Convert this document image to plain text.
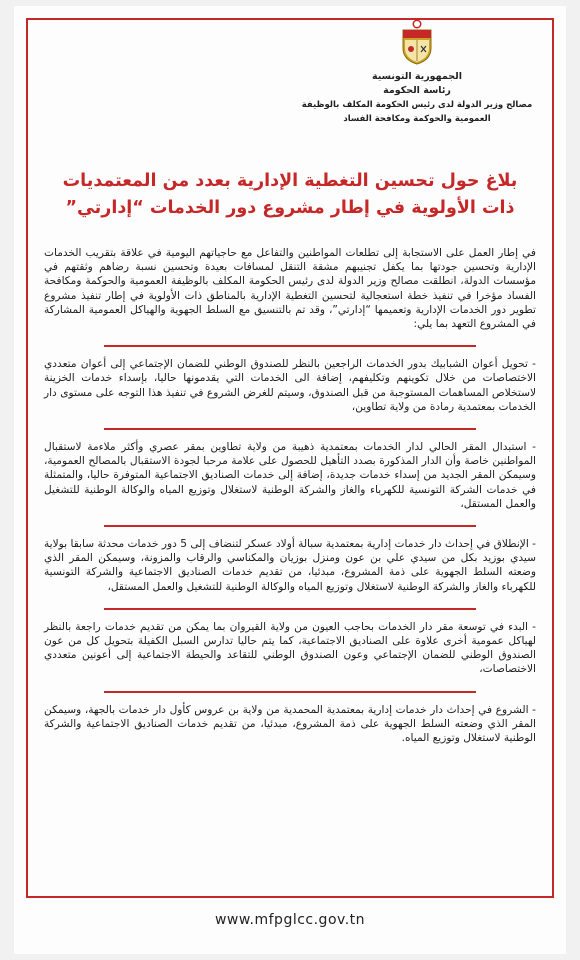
الجمهورية التونسية
رئاسة الحكومة
مصالح وزير الدولة لدى رئيس الحكومة المكلف بالوظيفة
العمومية والحوكمة ومكافحة الفساد
بلاغ حول تحسين التغطية الإدارية بعدد من المعتمديات
ذات الأولوية في إطار مشروع دور الخدمات “إدارتي”

في إطار العمل على الاستجابة إلى تطلعات المواطنين والتفاعل مع حاجياتهم اليومية في علاقة بتقريب الخدمات الإدارية وتحسين جودتها بما يكفل تجنيبهم مشقة التنقل لمسافات بعيدة وتحسين نسبة رضاهم وثقتهم في مؤسسات الدولة، انطلقت مصالح وزير الدولة لدى رئيس الحكومة المكلف بالوظيفة العمومية والحوكمة ومكافحة الفساد مؤخرا في تنفيذ خطة استعجالية لتحسين التغطية الإدارية بالمناطق ذات الأولوية في إطار تنفيذ مشروع تطوير دور الخدمات الإدارية وتعميمها “إدارتي”، وقد تم بالتنسيق مع السلط الجهوية والهياكل العمومية المشاركة في المشروع التعهد بما يلي:

- تحويل أعوان الشبابيك بدور الخدمات الراجعين بالنظر للصندوق الوطني للضمان الإجتماعي إلى أعوان متعددي الاختصاصات من خلال تكوينهم وتكليفهم، إضافة الى الخدمات التي يقدمونها حاليا، بإسداء خدمات الخزينة لاستخلاص المساهمات المستوجبة من قبل الصندوق، وسيتم للغرض الشروع في تنفيذ هذا التوجه على مستوى دار الخدمات بمعتمدية رمادة من ولاية تطاوين،

- استبدال المقر الحالي لدار الخدمات بمعتمدية ذهيبة من ولاية تطاوين بمقر عصري وأكثر ملاءمة لاستقبال المواطنين خاصة وأن الدار المذكورة بصدد التأهيل للحصول على علامة مرحبا لجودة الاستقبال بالمصالح العمومية، وسيمكن المقر الجديد من إسداء خدمات جديدة، إضافة إلى خدمات الصناديق الاجتماعية المتوفرة حاليا، والمتمثلة في خدمات الشركة التونسية للكهرباء والغاز والشركة الوطنية لاستغلال وتوزيع المياه والوكالة الوطنية للتشغيل والعمل المستقل،

- الإنطلاق في إحداث دار خدمات إدارية بمعتمدية سبالة أولاد عسكر لتنضاف إلى 5 دور خدمات محدثة سابقا بولاية سيدي بوزيد بكل من سيدي علي بن عون ومنزل بوزيان والمكناسي والرقاب والمزونة، وسيمكن المقر الذي وضعته السلط الجهوية على ذمة المشروع، مبدئيا، من تقديم خدمات الصناديق الاجتماعية والشركة التونسية للكهرباء والغاز والشركة الوطنية لاستغلال وتوزيع المياه والوكالة الوطنية للتشغيل والعمل المستقل،

- البدء في توسعة مقر دار الخدمات بحاجب العيون من ولاية القيروان بما يمكن من تقديم خدمات راجعة بالنظر لهياكل عمومية أخرى علاوة على الصناديق الاجتماعية، كما يتم حاليا تدارس السبل الكفيلة بتحويل كل من عون الصندوق الوطني للضمان الإجتماعي وعون الصندوق الوطني للتقاعد والحيطة الاجتماعية إلى أعونين متعددي الاختصاصات،

- الشروع في إحداث دار خدمات إدارية بمعتمدية المحمدية من ولاية بن عروس كأول دار خدمات بالجهة، وسيمكن المقر الذي وضعته السلط الجهوية على ذمة المشروع، مبدئيا، من تقديم خدمات الصناديق الاجتماعية والشركة الوطنية لاستغلال وتوزيع المياه.

www.mfpglcc.gov.tn
